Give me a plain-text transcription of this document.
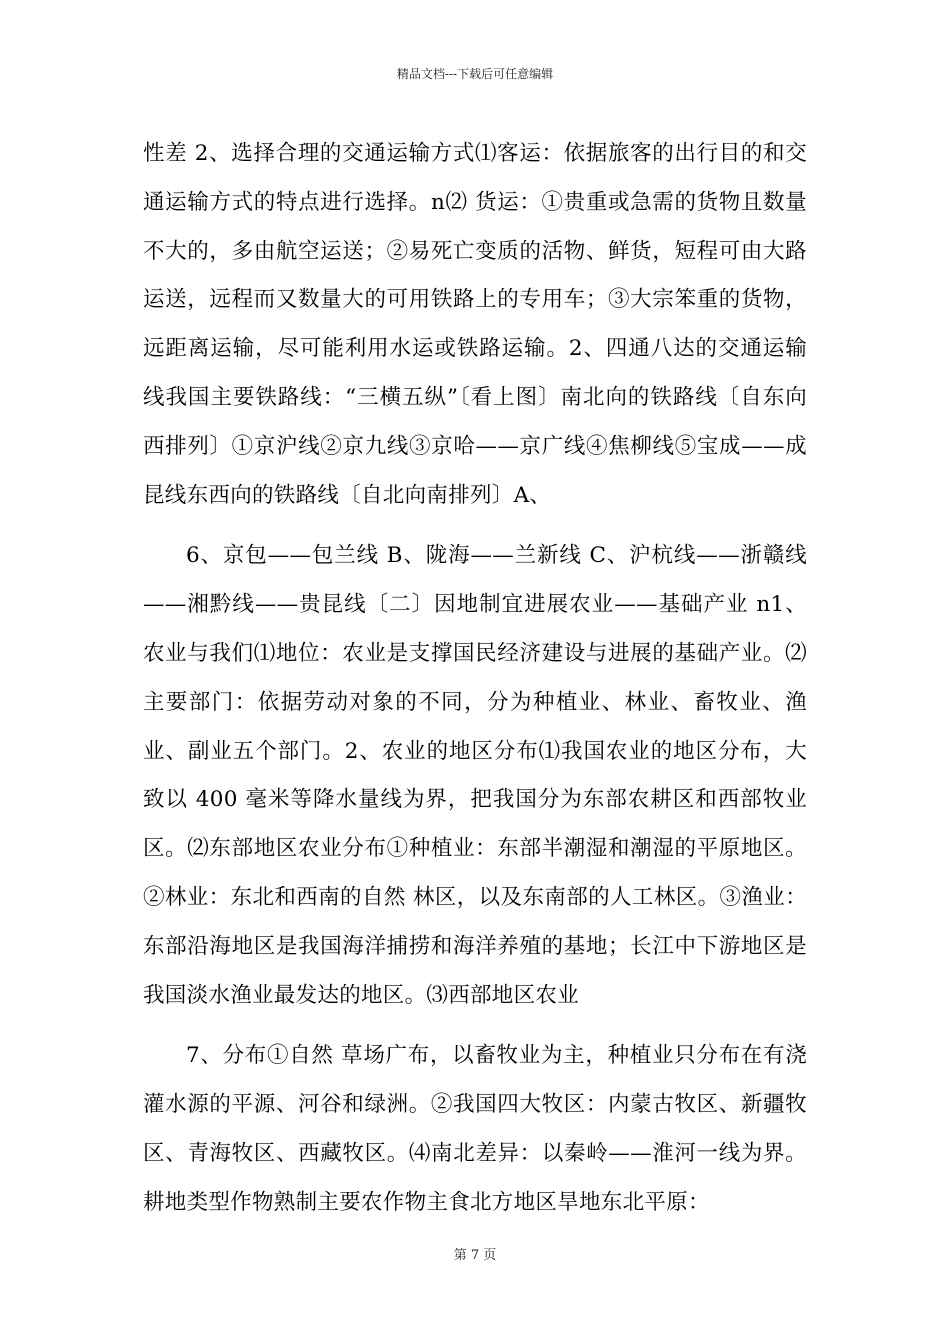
精品文档---下载后可任意编辑

性差 2、选择合理的交通运输方式⑴客运：依据旅客的出行目的和交通运输方式的特点进行选择。n⑵ 货运：①贵重或急需的货物且数量不大的，多由航空运送；②易死亡变质的活物、鲜货，短程可由大路运送，远程而又数量大的可用铁路上的专用车；③大宗笨重的货物，远距离运输，尽可能利用水运或铁路运输。2、四通八达的交通运输线我国主要铁路线：“三横五纵”〔看上图〕南北向的铁路线〔自东向西排列〕①京沪线②京九线③京哈——京广线④焦柳线⑤宝成——成昆线东西向的铁路线〔自北向南排列〕A、

6、京包——包兰线 B、陇海——兰新线 C、沪杭线——浙赣线——湘黔线——贵昆线〔二〕因地制宜进展农业——基础产业 n1、农业与我们⑴地位：农业是支撑国民经济建设与进展的基础产业。⑵主要部门：依据劳动对象的不同，分为种植业、林业、畜牧业、渔业、副业五个部门。2、农业的地区分布⑴我国农业的地区分布，大致以 400 毫米等降水量线为界，把我国分为东部农耕区和西部牧业区。⑵东部地区农业分布①种植业：东部半潮湿和潮湿的平原地区。②林业：东北和西南的自然 林区，以及东南部的人工林区。③渔业：东部沿海地区是我国海洋捕捞和海洋养殖的基地；长江中下游地区是我国淡水渔业最发达的地区。⑶西部地区农业

7、分布①自然 草场广布，以畜牧业为主，种植业只分布在有浇灌水源的平源、河谷和绿洲。②我国四大牧区：内蒙古牧区、新疆牧区、青海牧区、西藏牧区。⑷南北差异：以秦岭——淮河一线为界。耕地类型作物熟制主要农作物主食北方地区旱地东北平原：

第 7 页
